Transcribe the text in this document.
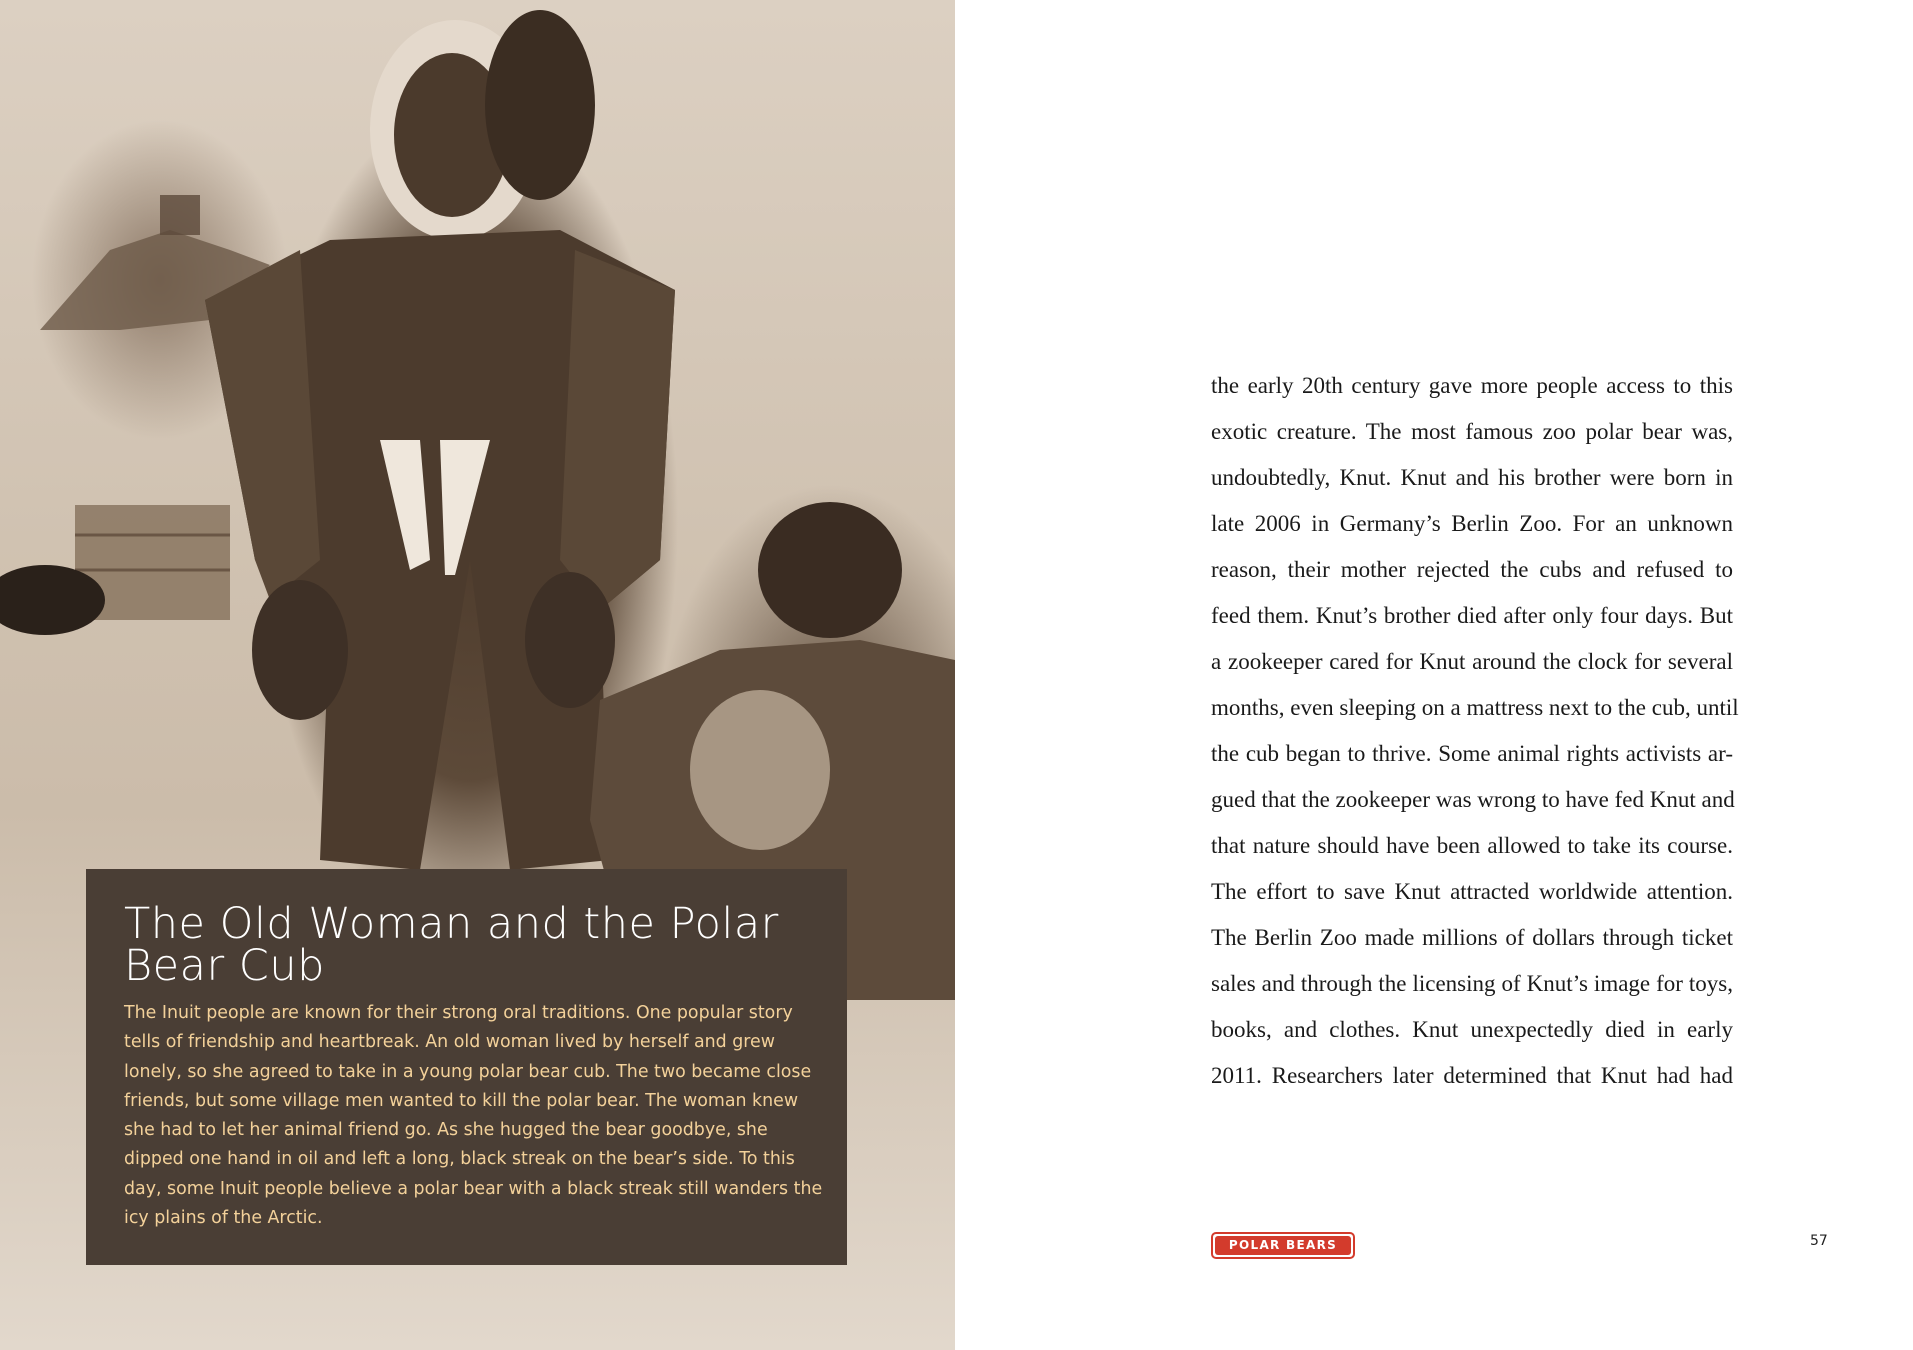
The Old Woman and the Polar Bear Cub

The Inuit people are known for their strong oral traditions. One popular story tells of friendship and heartbreak. An old woman lived by herself and grew lonely, so she agreed to take in a young polar bear cub. The two became close friends, but some village men wanted to kill the polar bear. The woman knew she had to let her animal friend go. As she hugged the bear goodbye, she dipped one hand in oil and left a long, black streak on the bear’s side. To this day, some Inuit people believe a polar bear with a black streak still wanders the icy plains of the Arctic.

the early 20th century gave more people access to this
exotic creature. The most famous zoo polar bear was,
undoubtedly, Knut. Knut and his brother were born in
late 2006 in Germany’s Berlin Zoo. For an unknown
reason, their mother rejected the cubs and refused to
feed them. Knut’s brother died after only four days. But
a zookeeper cared for Knut around the clock for several
months, even sleeping on a mattress next to the cub, until
the cub began to thrive. Some animal rights activists ar-
gued that the zookeeper was wrong to have fed Knut and
that nature should have been allowed to take its course.
The effort to save Knut attracted worldwide attention.
The Berlin Zoo made millions of dollars through ticket
sales and through the licensing of Knut’s image for toys,
books, and clothes. Knut unexpectedly died in early
2011. Researchers later determined that Knut had had
POLAR BEARS	57
